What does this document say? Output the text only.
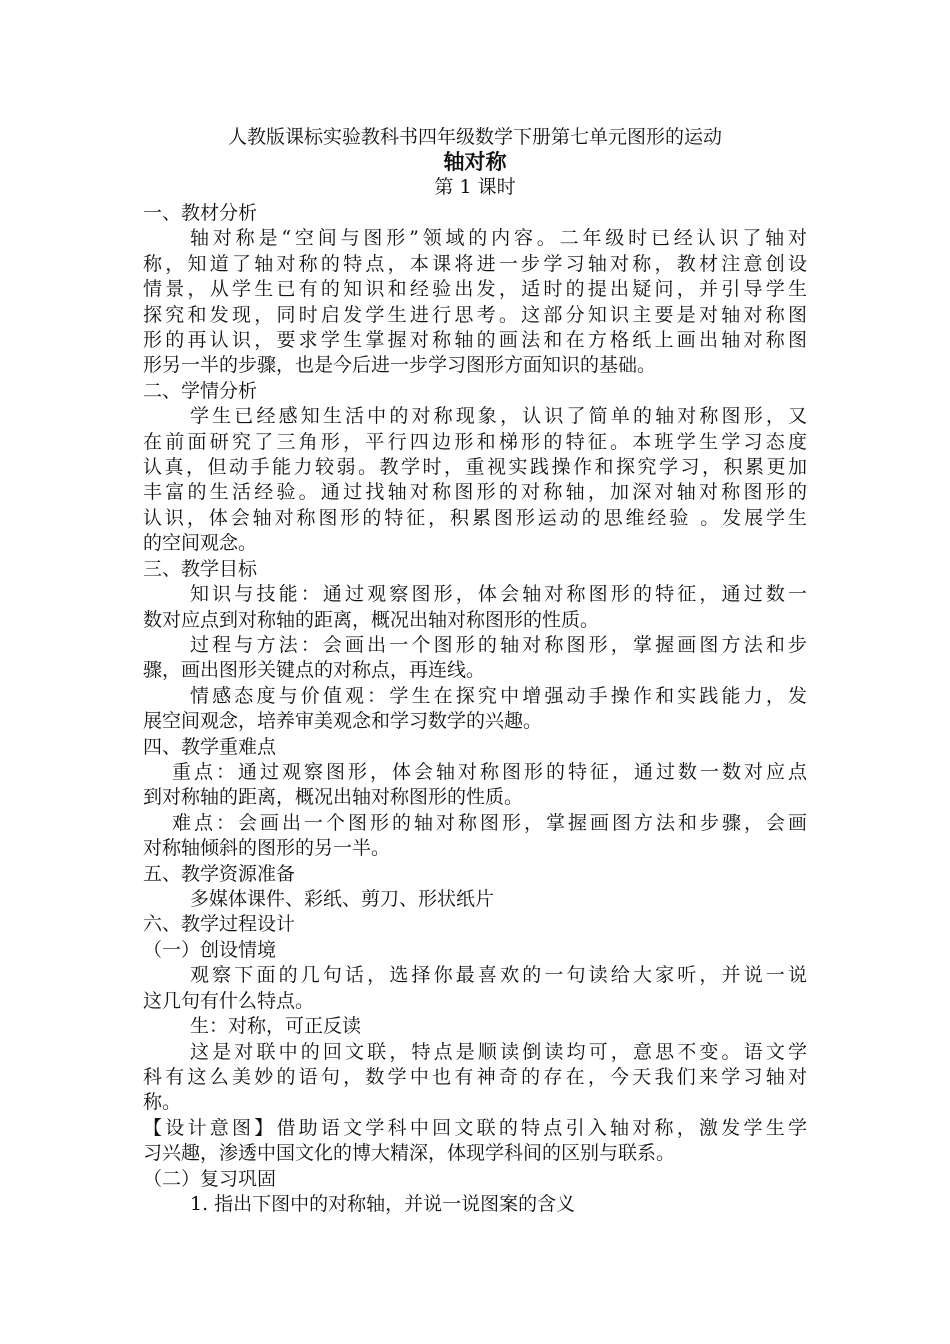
人教版课标实验教科书四年级数学下册第七单元图形的运动
轴对称
第 1 课时
一、教材分析
轴对称是“空间与图形”领域的内容。二年级时已经认识了轴对
称，知道了轴对称的特点，本课将进一步学习轴对称，教材注意创设
情景，从学生已有的知识和经验出发，适时的提出疑问，并引导学生
探究和发现，同时启发学生进行思考。这部分知识主要是对轴对称图
形的再认识，要求学生掌握对称轴的画法和在方格纸上画出轴对称图
形另一半的步骤，也是今后进一步学习图形方面知识的基础。
二、学情分析
学生已经感知生活中的对称现象，认识了简单的轴对称图形，又
在前面研究了三角形，平行四边形和梯形的特征。本班学生学习态度
认真，但动手能力较弱。教学时，重视实践操作和探究学习，积累更加
丰富的生活经验。通过找轴对称图形的对称轴，加深对轴对称图形的
认识，体会轴对称图形的特征，积累图形运动的思维经验 。发展学生
的空间观念。
三、教学目标
知识与技能：通过观察图形，体会轴对称图形的特征，通过数一
数对应点到对称轴的距离，概况出轴对称图形的性质。
过程与方法：会画出一个图形的轴对称图形，掌握画图方法和步
骤，画出图形关键点的对称点，再连线。
情感态度与价值观：学生在探究中增强动手操作和实践能力，发
展空间观念，培养审美观念和学习数学的兴趣。
四、教学重难点
重点：通过观察图形，体会轴对称图形的特征，通过数一数对应点
到对称轴的距离，概况出轴对称图形的性质。
难点：会画出一个图形的轴对称图形，掌握画图方法和步骤，会画
对称轴倾斜的图形的另一半。
五、教学资源准备
多媒体课件、彩纸、剪刀、形状纸片
六、教学过程设计
（一）创设情境
观察下面的几句话，选择你最喜欢的一句读给大家听，并说一说
这几句有什么特点。
生：对称，可正反读
这是对联中的回文联，特点是顺读倒读均可，意思不变。语文学
科有这么美妙的语句，数学中也有神奇的存在，今天我们来学习轴对
称。
【设计意图】借助语文学科中回文联的特点引入轴对称，激发学生学
习兴趣，渗透中国文化的博大精深，体现学科间的区别与联系。
（二）复习巩固
1. 指出下图中的对称轴，并说一说图案的含义
